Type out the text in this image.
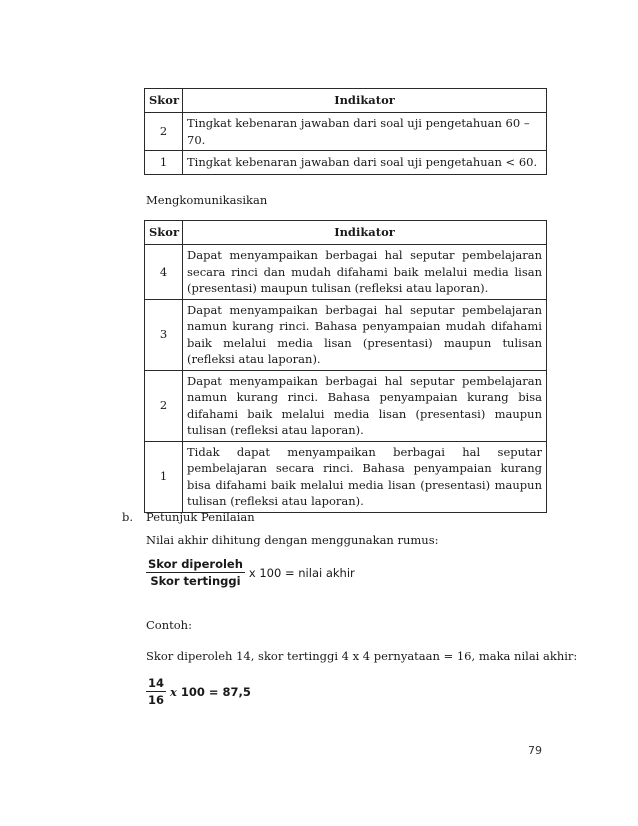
Skor	Indikator
2	Tingkat kebenaran jawaban dari soal uji pengetahuan 60 – 70.
1	Tingkat kebenaran jawaban dari soal uji pengetahuan < 60.
Mengkomunikasikan
Skor	Indikator
4	Dapat menyampaikan berbagai hal seputar pembelajaran secara rinci dan mudah difahami baik melalui media lisan (presentasi) maupun tulisan (refleksi atau laporan).
3	Dapat menyampaikan berbagai hal seputar pembelajaran namun kurang rinci. Bahasa penyampaian mudah difahami baik melalui media lisan (presentasi) maupun tulisan (refleksi atau laporan).
2	Dapat menyampaikan berbagai hal seputar pembelajaran namun kurang rinci. Bahasa penyampaian kurang bisa difahami baik melalui media lisan (presentasi) maupun tulisan (refleksi atau laporan).
1	Tidak dapat menyampaikan berbagai hal seputar pembelajaran secara rinci. Bahasa penyampaian kurang bisa difahami baik melalui media lisan (presentasi) maupun tulisan (refleksi atau laporan).
b. Petunjuk Penilaian
Nilai akhir dihitung dengan menggunakan rumus:
$\frac{\text{Skor diperoleh}}{\text{Skor tertinggi}}$ x 100 = nilai akhir
Contoh:
Skor diperoleh 14, skor tertinggi 4 x 4 pernyataan = 16, maka nilai akhir:
$\frac{14}{16}$ x 100 = 87,5
79
